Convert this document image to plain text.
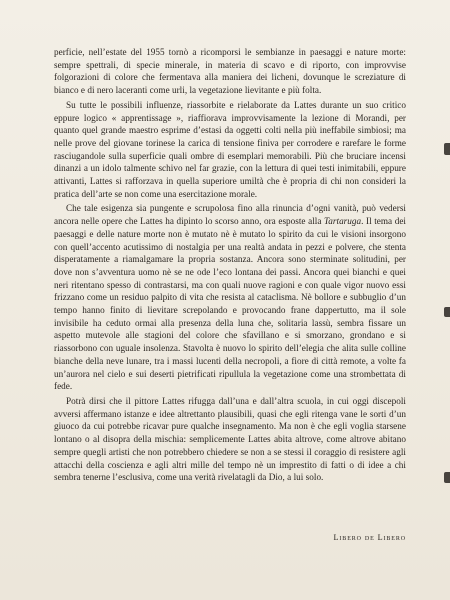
perficie, nell’estate del 1955 tornò a ricomporsi le sembianze in paesaggi e nature morte: sempre spettrali, di specie minerale, in materia di scavo e di riporto, con improvvise folgorazioni di colore che fermentava alla maniera dei licheni, dovunque le screziature di bianco e di nero laceranti come urli, la vegetazione lievitante e più folta.

Su tutte le possibili influenze, riassorbite e rielaborate da Lattes durante un suo critico eppure logico « apprentissage », riaffiorava improvvisamente la lezione di Morandi, per quanto quel grande maestro esprime d’estasi da oggetti colti nella più ineffabile simbiosi; ma nelle prove del giovane torinese la carica di tensione finiva per corrodere e rarefare le forme rasciugandole sulla superficie quali ombre di esemplari memorabili. Più che bruciare incensi dinanzi a un idolo talmente schivo nel far grazie, con la lettura di quei testi inimitabili, eppure attivanti, Lattes si rafforzava in quella superiore umiltà che è propria di chi non consideri la pratica dell’arte se non come una esercitazione morale.

Che tale esigenza sia pungente e scrupolosa fino alla rinuncia d’ogni vanità, può vedersi ancora nelle opere che Lattes ha dipinto lo scorso anno, ora esposte alla Tartaruga. Il tema dei paesaggi e delle nature morte non è mutato nè è mutato lo spirito da cui le visioni insorgono con quell’accento acutissimo di nostalgia per una realtà andata in pezzi e polvere, che stenta disperatamente a riamalgamare la propria sostanza. Ancora sono sterminate solitudini, per dove non s’avventura uomo nè se ne ode l’eco lontana dei passi. Ancora quei bianchi e quei neri ritentano spesso di contrastarsi, ma con quali nuove ragioni e con quale vigor nuovo essi frizzano come un residuo palpito di vita che resista al cataclisma. Nè bollore e subbuglio d’un tempo hanno finito di lievitare screpolando e provocando frane dappertutto, ma il sole invisibile ha ceduto ormai alla presenza della luna che, solitaria lassù, sembra fissare un aspetto mutevole alle stagioni del colore che sfavillano e si smorzano, grondano e si riassorbono con uguale insolenza. Stavolta è nuovo lo spirito dell’elegia che alita sulle colline bianche della neve lunare, tra i massi lucenti della necropoli, a fiore di città remote, a volte fa un’aurora nel cielo e sui deserti pietrificati ripullula la vegetazione come una strombettata di fede.

Potrà dirsi che il pittore Lattes rifugga dall’una e dall’altra scuola, in cui oggi discepoli avversi affermano istanze e idee altrettanto plausibili, quasi che egli ritenga vane le sorti d’un giuoco da cui potrebbe ricavar pure qualche insegnamento. Ma non è che egli voglia starsene lontano o al disopra della mischia: semplicemente Lattes abita altrove, come altrove abitano sempre quegli artisti che non potrebbero chiedere se non a se stessi il coraggio di resistere agli attacchi della coscienza e agli altri mille del tempo nè un imprestito di fatti o di idee a chi sembra tenerne l’esclusiva, come una verità rivelatagli da Dio, a lui solo.

Libero de Libero
